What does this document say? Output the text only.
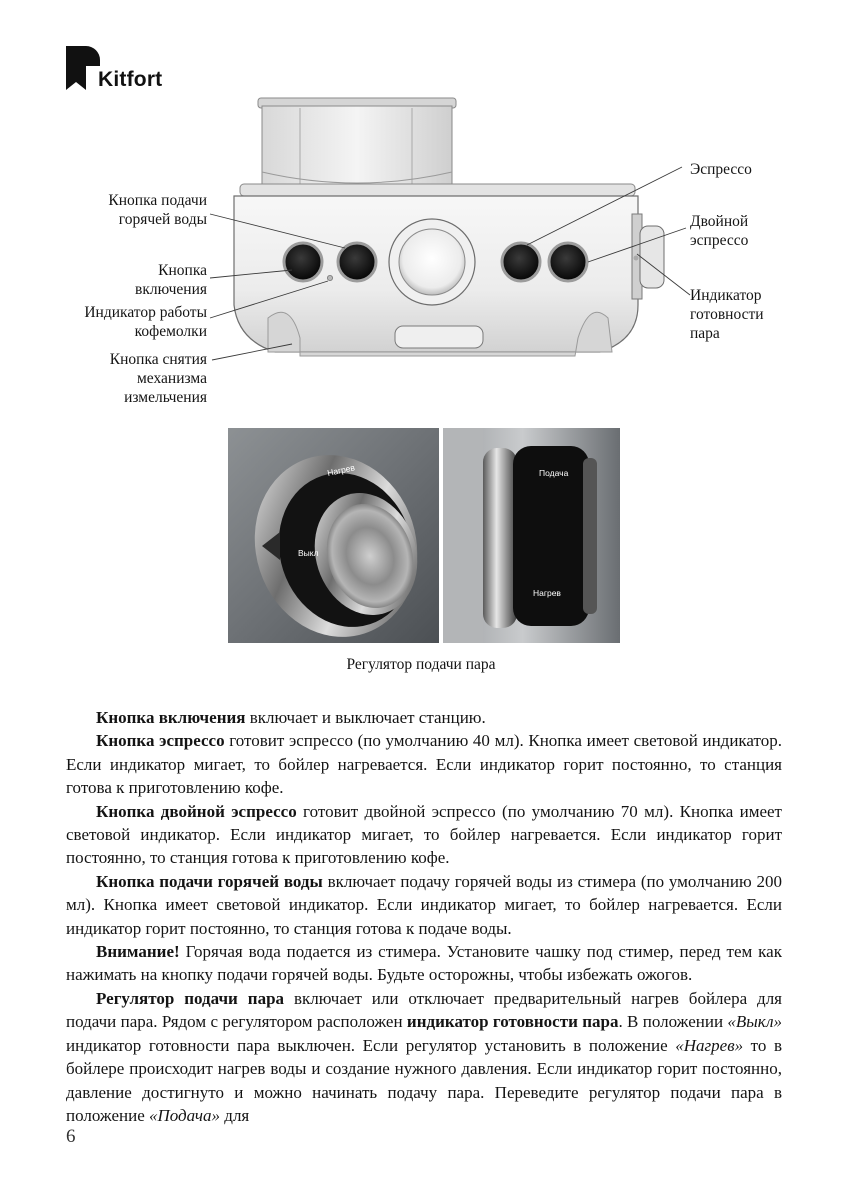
Kitfort
Кнопка подачи
горячей воды
Кнопка
включения
Индикатор работы
кофемолки
Кнопка снятия
механизма
измельчения
Эспрессо
Двойной
эспрессо
Индикатор
готовности
пара
Нагрев
Выкл
Подача
Нагрев
Регулятор подачи пара

Кнопка включения включает и выключает станцию.

Кнопка эспрессо готовит эспрессо (по умолчанию 40 мл). Кнопка имеет световой индикатор. Если индикатор мигает, то бойлер нагревается. Если индикатор горит постоянно, то станция готова к приготовлению кофе.

Кнопка двойной эспрессо готовит двойной эспрессо (по умолчанию 70 мл). Кнопка имеет световой индикатор. Если индикатор мигает, то бойлер нагревается. Если индикатор горит постоянно, то станция готова к приготовлению кофе.

Кнопка подачи горячей воды включает подачу горячей воды из стимера (по умолчанию 200 мл). Кнопка имеет световой индикатор. Если индикатор мигает, то бойлер нагревается. Если индикатор горит постоянно, то станция готова к подаче воды.

Внимание! Горячая вода подается из стимера. Установите чашку под стимер, перед тем как нажимать на кнопку подачи горячей воды. Будьте осторожны, чтобы избежать ожогов.

Регулятор подачи пара включает или отключает предварительный нагрев бойлера для подачи пара. Рядом с регулятором расположен индикатор готовности пара. В положении «Выкл» индикатор готовности пара выключен. Если регулятор установить в положение «Нагрев» то в бойлере происходит нагрев воды и создание нужного давления. Если индикатор горит постоянно, давление достигнуто и можно начинать подачу пара. Переведите регулятор подачи пара в положение «Подача» для

6
